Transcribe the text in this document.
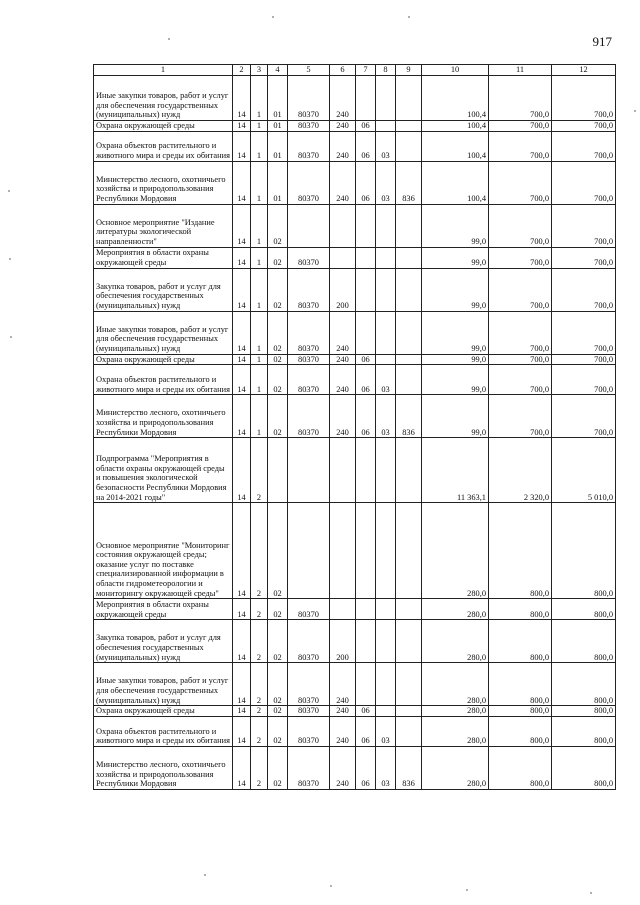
917
1	2	3	4	5	6	7	8	9	10	11	12
Иные закупки товаров, работ и услуг для обеспечения государственных (муниципальных) нужд	14	1	01	80370	240				100,4	700,0	700,0
Охрана окружающей среды	14	1	01	80370	240	06			100,4	700,0	700,0
Охрана объектов растительного и животного мира и среды их обитания	14	1	01	80370	240	06	03		100,4	700,0	700,0
Министерство лесного, охотничьего хозяйства и природопользования Республики Мордовия	14	1	01	80370	240	06	03	836	100,4	700,0	700,0
Основное мероприятие "Издание литературы экологической направленности"	14	1	02						99,0	700,0	700,0
Мероприятия в области охраны окружающей среды	14	1	02	80370					99,0	700,0	700,0
Закупка товаров, работ и услуг для обеспечения государственных (муниципальных) нужд	14	1	02	80370	200				99,0	700,0	700,0
Иные закупки товаров, работ и услуг для обеспечения государственных (муниципальных) нужд	14	1	02	80370	240				99,0	700,0	700,0
Охрана окружающей среды	14	1	02	80370	240	06			99,0	700,0	700,0
Охрана объектов растительного и животного мира и среды их обитания	14	1	02	80370	240	06	03		99,0	700,0	700,0
Министерство лесного, охотничьего хозяйства и природопользования Республики Мордовия	14	1	02	80370	240	06	03	836	99,0	700,0	700,0
Подпрограмма "Мероприятия в области охраны окружающей среды и повышения экологической безопасности Республики Мордовия на 2014-2021 годы"	14	2							11 363,1	2 320,0	5 010,0
Основное мероприятие "Мониторинг состояния окружающей среды; оказание услуг по поставке специализированной информации в области гидрометеорологии и мониторингу окружающей среды"	14	2	02						280,0	800,0	800,0
Мероприятия в области охраны окружающей среды	14	2	02	80370					280,0	800,0	800,0
Закупка товаров, работ и услуг для обеспечения государственных (муниципальных) нужд	14	2	02	80370	200				280,0	800,0	800,0
Иные закупки товаров, работ и услуг для обеспечения государственных (муниципальных) нужд	14	2	02	80370	240				280,0	800,0	800,0
Охрана окружающей среды	14	2	02	80370	240	06			280,0	800,0	800,0
Охрана объектов растительного и животного мира и среды их обитания	14	2	02	80370	240	06	03		280,0	800,0	800,0
Министерство лесного, охотничьего хозяйства и природопользования Республики Мордовия	14	2	02	80370	240	06	03	836	280,0	800,0	800,0
